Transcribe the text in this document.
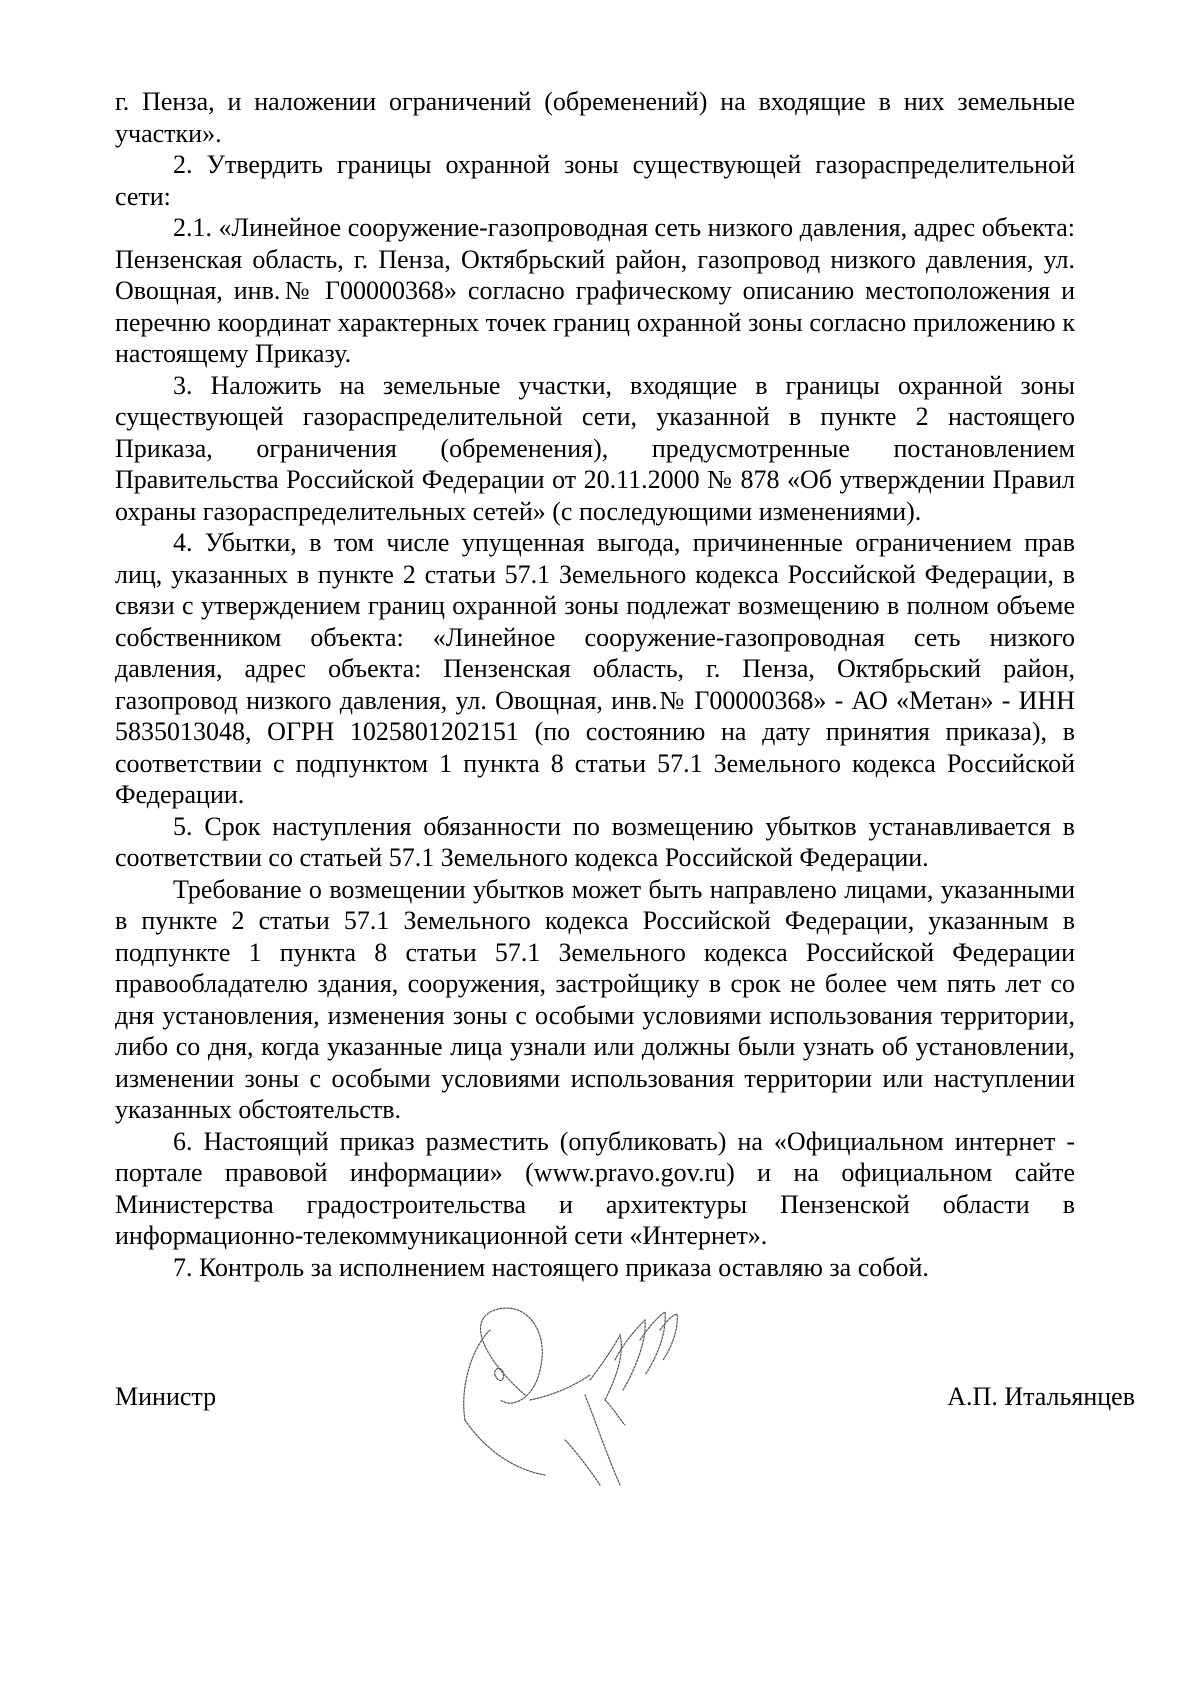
г. Пенза, и наложении ограничений (обременений) на входящие в них земельные участки».

2. Утвердить границы охранной зоны существующей газораспределительной сети:

2.1. «Линейное сооружение-газопроводная сеть низкого давления, адрес объекта: Пензенская область, г. Пенза, Октябрьский район, газопровод низкого давления, ул. Овощная, инв.№ Г00000368» согласно графическому описанию местоположения и перечню координат характерных точек границ охранной зоны согласно приложению к настоящему Приказу.

3. Наложить на земельные участки, входящие в границы охранной зоны существующей газораспределительной сети, указанной в пункте 2 настоящего Приказа, ограничения (обременения), предусмотренные постановлением Правительства Российской Федерации от 20.11.2000 № 878 «Об утверждении Правил охраны газораспределительных сетей» (с последующими изменениями).

4. Убытки, в том числе упущенная выгода, причиненные ограничением прав лиц, указанных в пункте 2 статьи 57.1 Земельного кодекса Российской Федерации, в связи с утверждением границ охранной зоны подлежат возмещению в полном объеме собственником объекта: «Линейное сооружение-газопроводная сеть низкого давления, адрес объекта: Пензенская область, г. Пенза, Октябрьский район, газопровод низкого давления, ул. Овощная, инв.№ Г00000368» - АО «Метан» - ИНН 5835013048, ОГРН 1025801202151 (по состоянию на дату принятия приказа), в соответствии с подпунктом 1 пункта 8 статьи 57.1 Земельного кодекса Российской Федерации.

5. Срок наступления обязанности по возмещению убытков устанавливается в соответствии со статьей 57.1 Земельного кодекса Российской Федерации.

Требование о возмещении убытков может быть направлено лицами, указанными в пункте 2 статьи 57.1 Земельного кодекса Российской Федерации, указанным в подпункте 1 пункта 8 статьи 57.1 Земельного кодекса Российской Федерации правообладателю здания, сооружения, застройщику в срок не более чем пять лет со дня установления, изменения зоны с особыми условиями использования территории, либо со дня, когда указанные лица узнали или должны были узнать об установлении, изменении зоны с особыми условиями использования территории или наступлении указанных обстоятельств.

6. Настоящий приказ разместить (опубликовать) на «Официальном интернет - портале правовой информации» (www.pravo.gov.ru) и на официальном сайте Министерства градостроительства и архитектуры Пензенской области в информационно-телекоммуникационной сети «Интернет».

7. Контроль за исполнением настоящего приказа оставляю за собой.

Министр	А.П. Итальянцев
